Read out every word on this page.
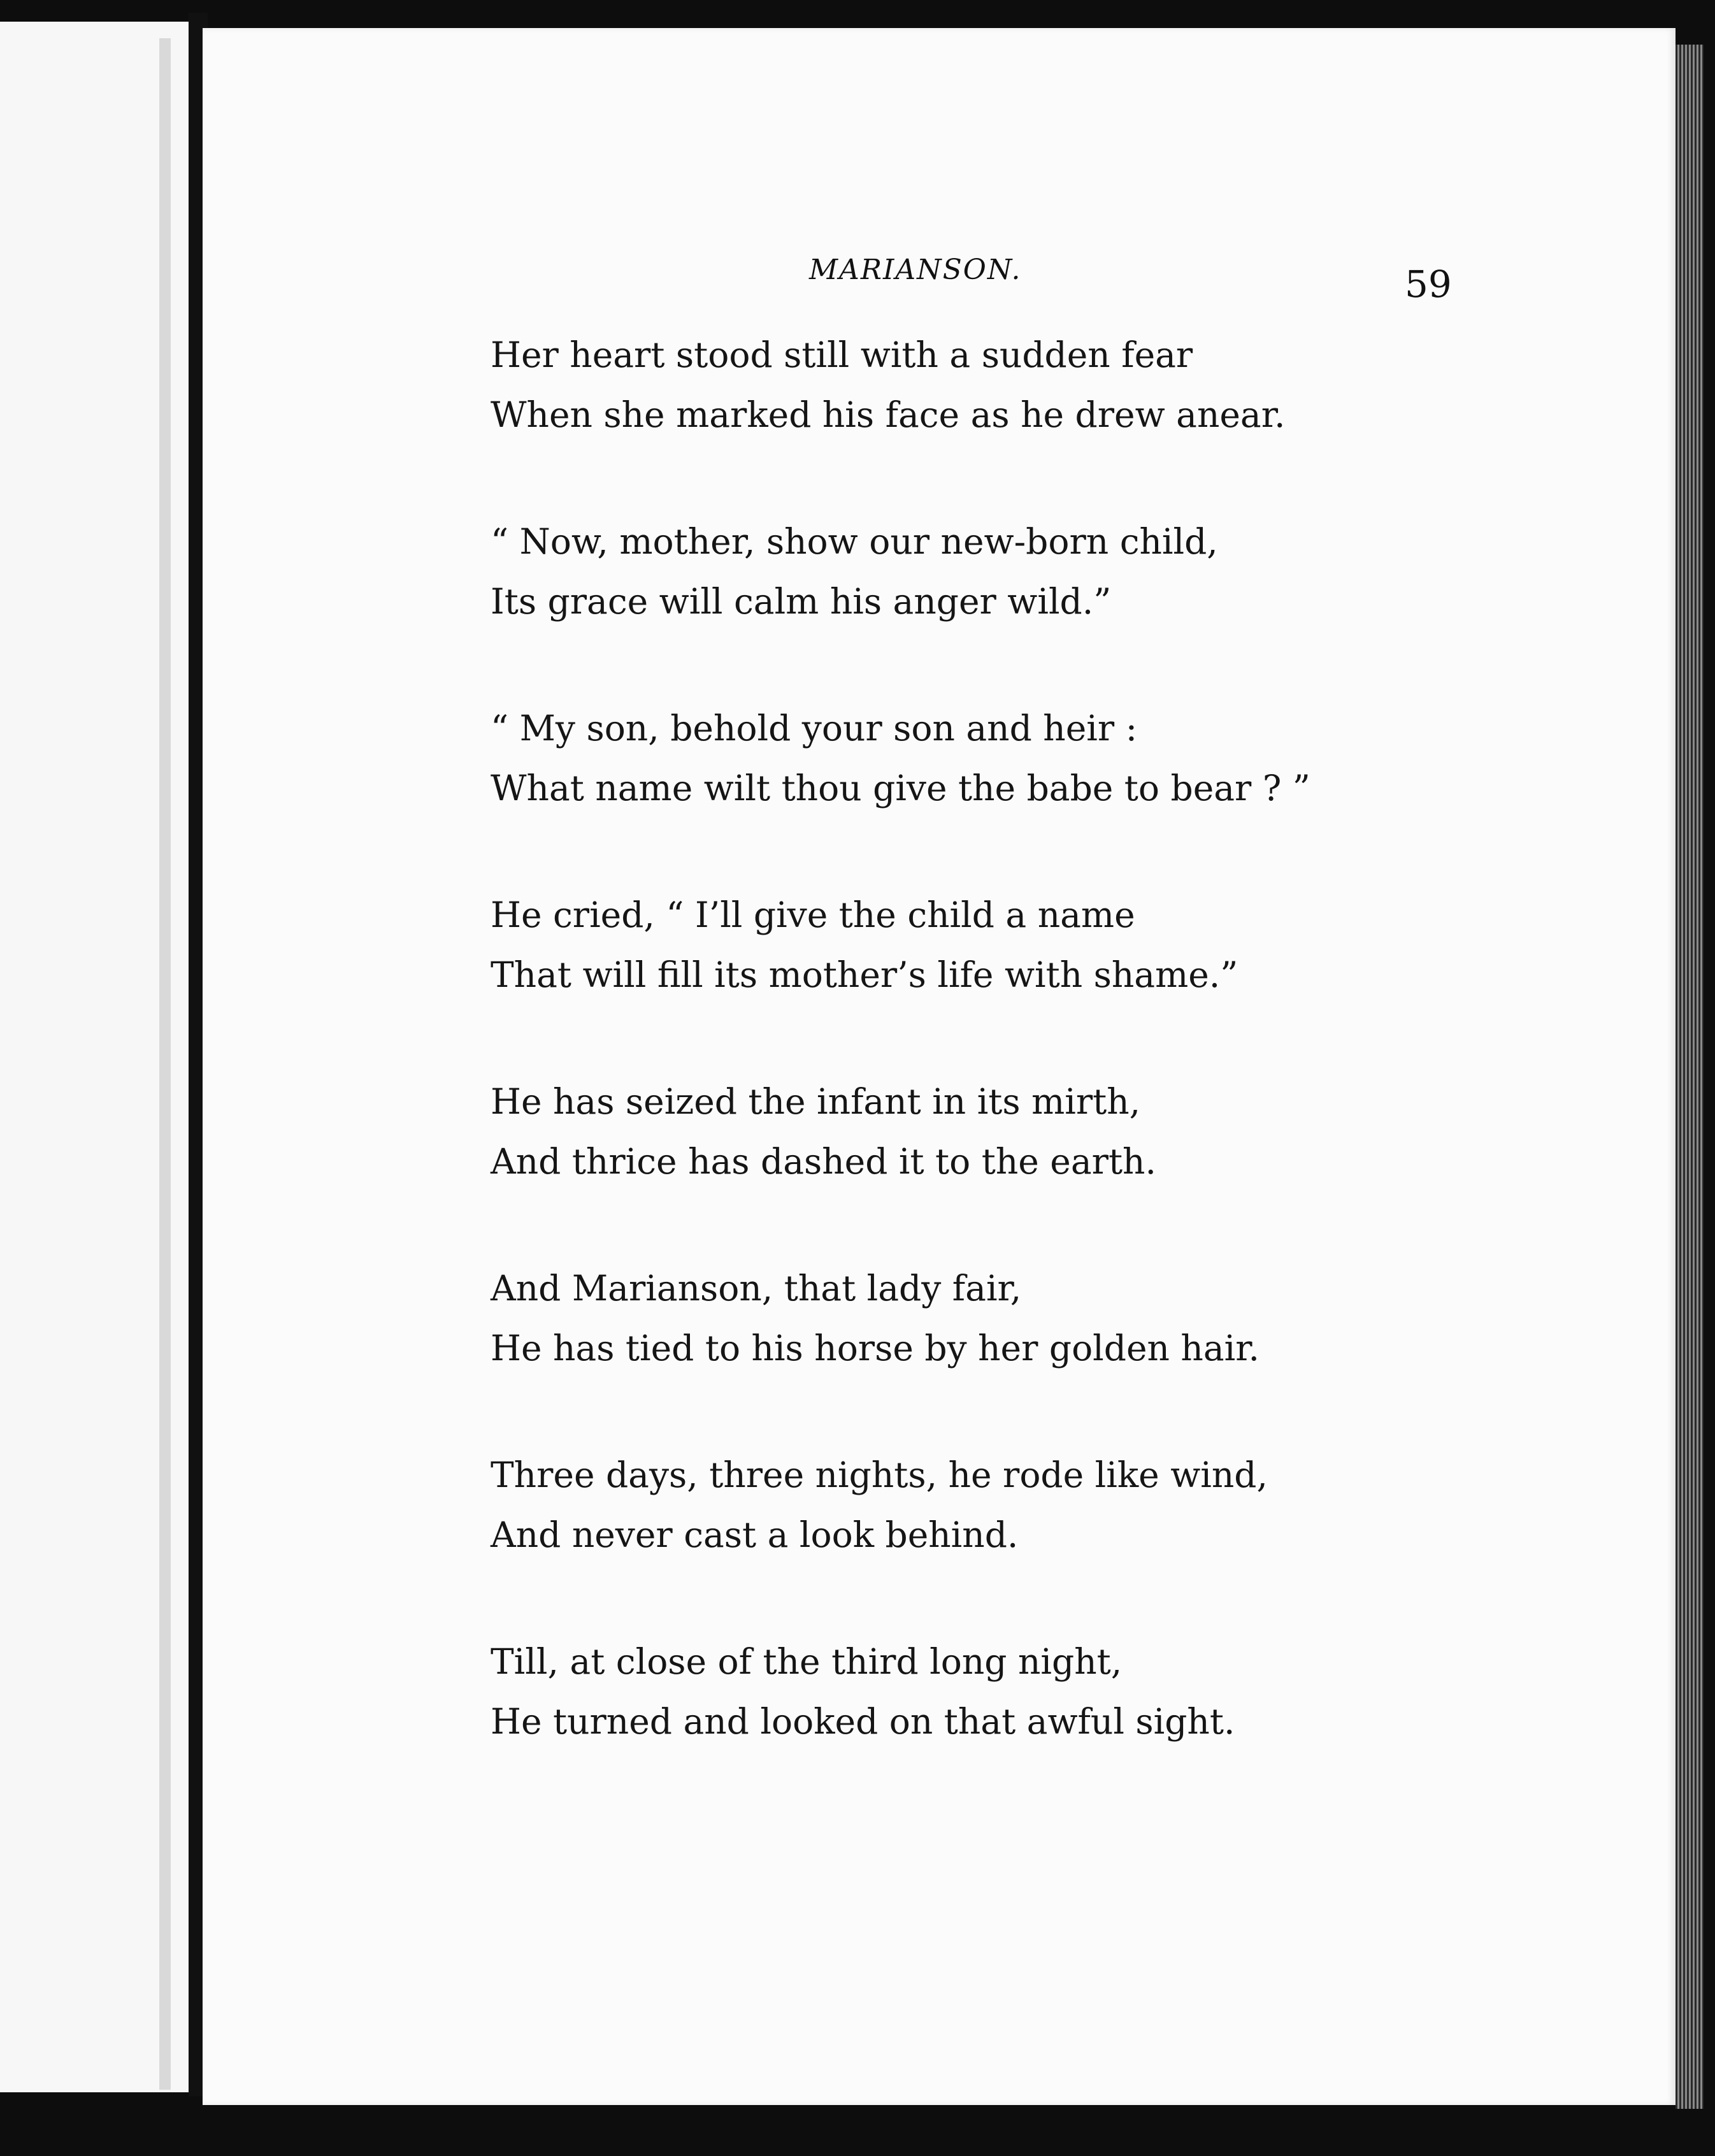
MARIANSON.	59
Her heart stood still with a sudden fear
When she marked his face as he drew anear.
“ Now, mother, show our new-born child,
Its grace will calm his anger wild.”
“ My son, behold your son and heir :
What name wilt thou give the babe to bear ? ”
He cried, “ I’ll give the child a name
That will fill its mother’s life with shame.”
He has seized the infant in its mirth,
And thrice has dashed it to the earth.
And Marianson, that lady fair,
He has tied to his horse by her golden hair.
Three days, three nights, he rode like wind,
And never cast a look behind.
Till, at close of the third long night,
He turned and looked on that awful sight.
